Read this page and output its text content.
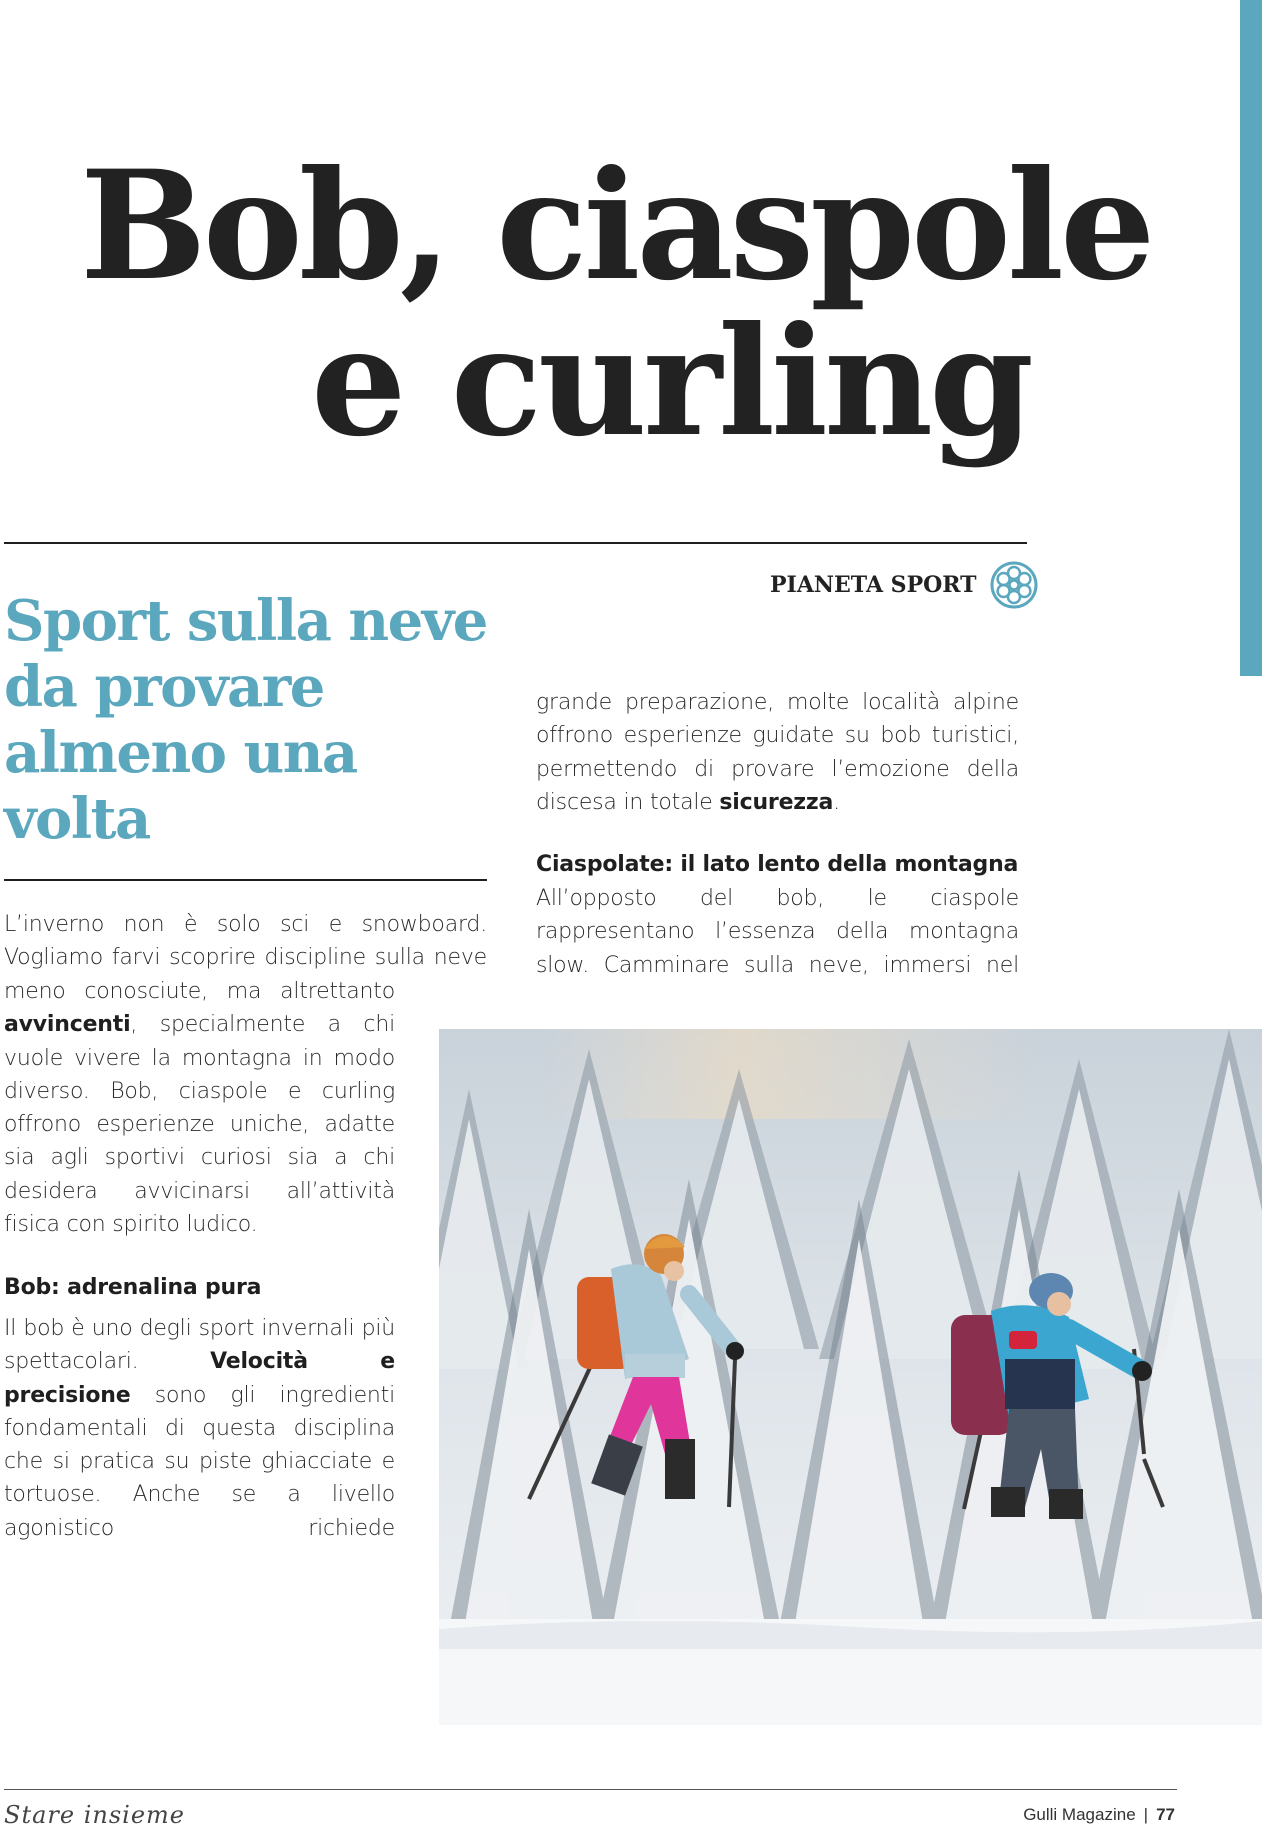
Bob, ciaspole
e curling
PIANETA SPORT
Sport sulla neve
da provare
almeno una
volta
L’inverno non è solo sci e snowboard. Vogliamo farvi scoprire discipline sulla neve
meno conosciute, ma altrettanto avvincenti, specialmente a chi vuole vivere la montagna in modo diverso. Bob, ciaspole e curling offrono esperienze uniche, adatte sia agli sportivi curiosi sia a chi desidera avvicinarsi all’attività fisica con spirito ludico.
Bob: adrenalina pura
Il bob è uno degli sport invernali più spettacolari. Velocità e precisione sono gli ingredienti fondamentali di questa disciplina che si pratica su piste ghiacciate e tortuose. Anche se a livello agonistico richiede
grande preparazione, molte località alpine offrono esperienze guidate su bob turistici, permettendo di provare l’emozione della discesa in totale sicurezza.
Ciaspolate: il lato lento della montagna
All’opposto del bob, le ciaspole rappresentano l’essenza della montagna slow. Camminare sulla neve, immersi nel
Stare insieme	Gulli Magazine | 77
